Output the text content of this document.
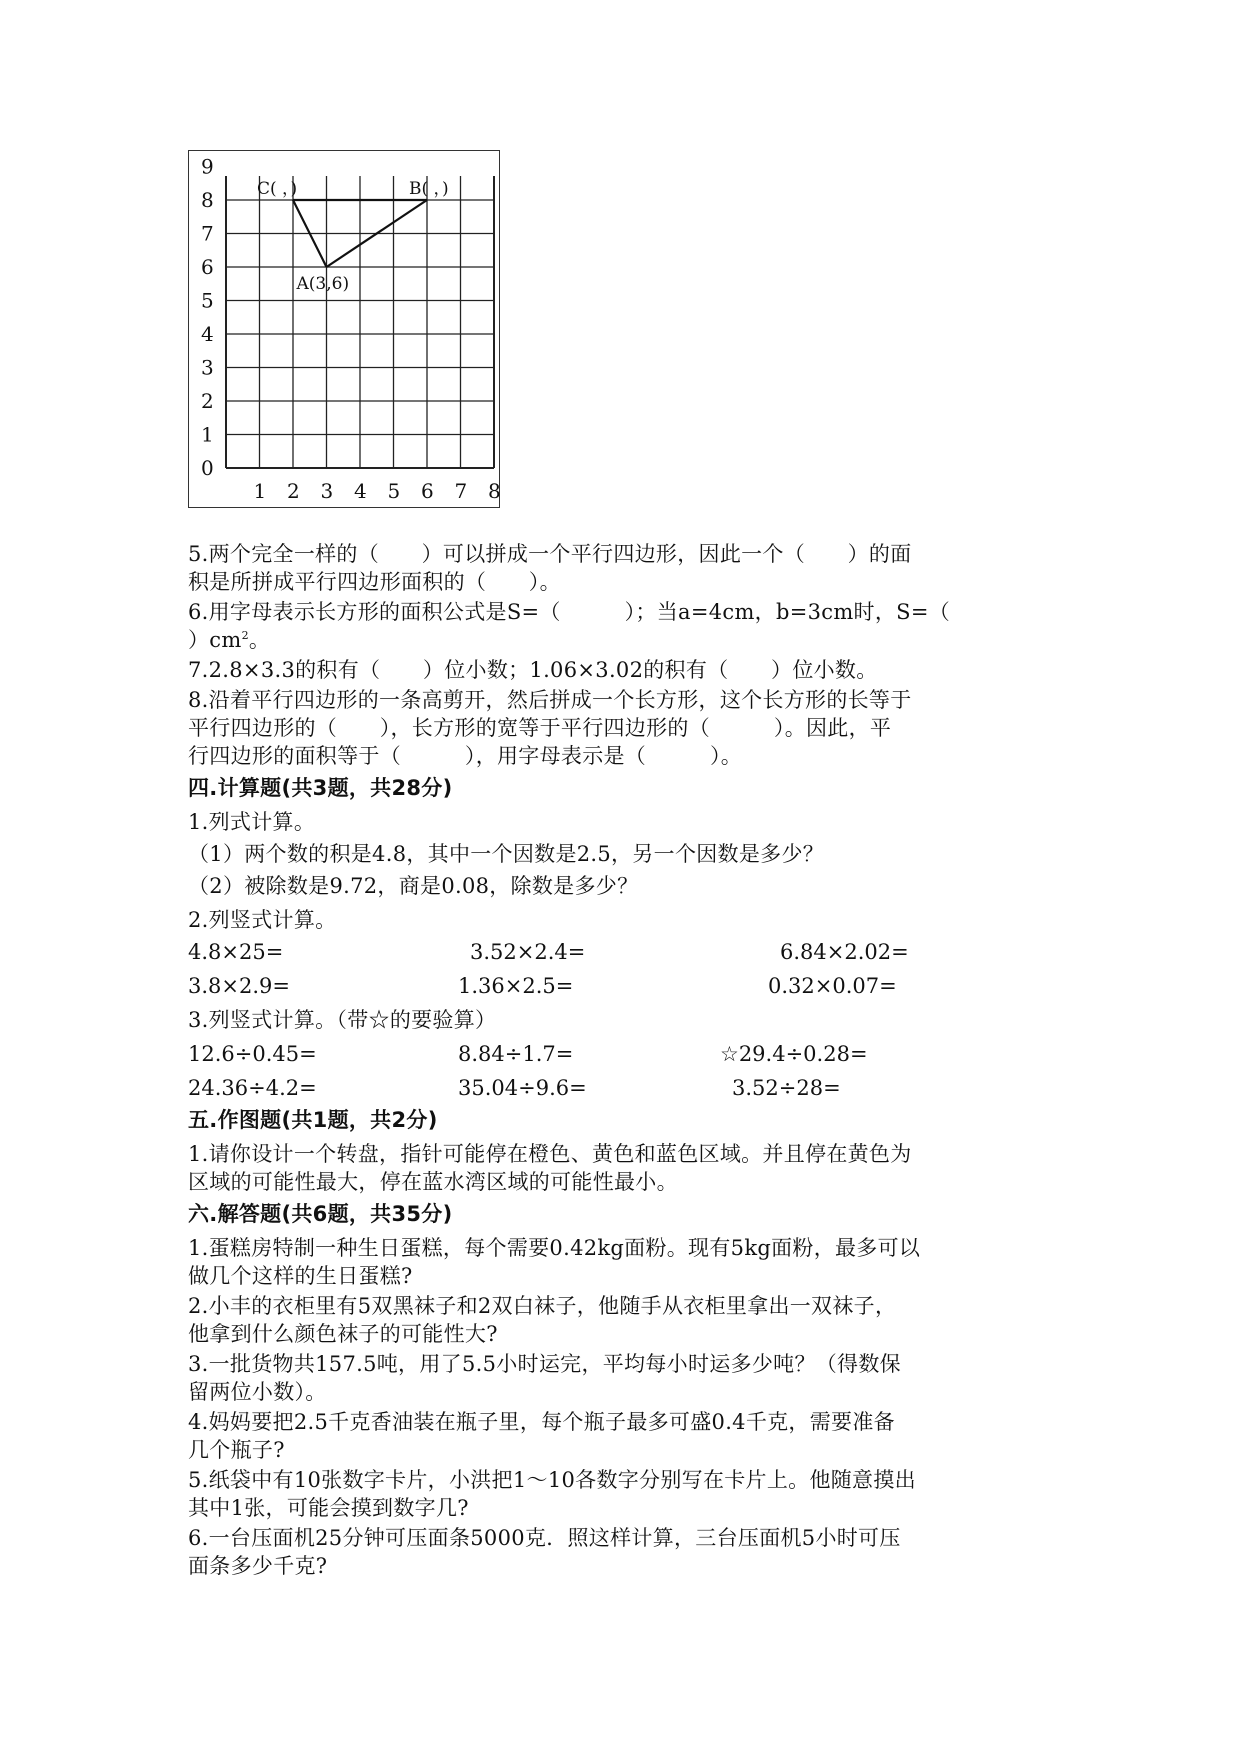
0
1
2
3
4
5
6
7
8
9
1 2 3 4 5 6 7 8
A(3,6)
C( ，)	B( ，)
5.两个完全一样的（　　）可以拼成一个平行四边形，因此一个（　　）的面
积是所拼成平行四边形面积的（　　）。
6.用字母表示长方形的面积公式是S=（　　　）；当a=4cm，b=3cm时，S=（
）$cm^2$。
7.2.8×3.3的积有（　　）位小数；1.06×3.02的积有（　　）位小数。
8.沿着平行四边形的一条高剪开，然后拼成一个长方形，这个长方形的长等于
平行四边形的（　　），长方形的宽等于平行四边形的（　　　）。因此，平
行四边形的面积等于（　　　），用字母表示是（　　　）。
四.计算题(共3题，共28分)
1.列式计算。
（1）两个数的积是4.8，其中一个因数是2.5，另一个因数是多少？
（2）被除数是9.72，商是0.08，除数是多少？
2.列竖式计算。
4.8×25=	3.52×2.4=	6.84×2.02=
3.8×2.9=	1.36×2.5=	0.32×0.07=
3.列竖式计算。（带☆的要验算）
12.6÷0.45=	8.84÷1.7=	☆29.4÷0.28=
24.36÷4.2=	35.04÷9.6=	3.52÷28=
五.作图题(共1题，共2分)
1.请你设计一个转盘，指针可能停在橙色、黄色和蓝色区域。并且停在黄色为
区域的可能性最大，停在蓝水湾区域的可能性最小。
六.解答题(共6题，共35分)
1.蛋糕房特制一种生日蛋糕，每个需要0.42kg面粉。现有5kg面粉，最多可以
做几个这样的生日蛋糕?
2.小丰的衣柜里有5双黑袜子和2双白袜子，他随手从衣柜里拿出一双袜子，
他拿到什么颜色袜子的可能性大?
3.一批货物共157.5吨，用了5.5小时运完，平均每小时运多少吨？（得数保
留两位小数）。
4.妈妈要把2.5千克香油装在瓶子里，每个瓶子最多可盛0.4千克，需要准备
几个瓶子?
5.纸袋中有10张数字卡片，小洪把1～10各数字分别写在卡片上。他随意摸出
其中1张，可能会摸到数字几?
6.一台压面机25分钟可压面条5000克．照这样计算，三台压面机5小时可压
面条多少千克?
